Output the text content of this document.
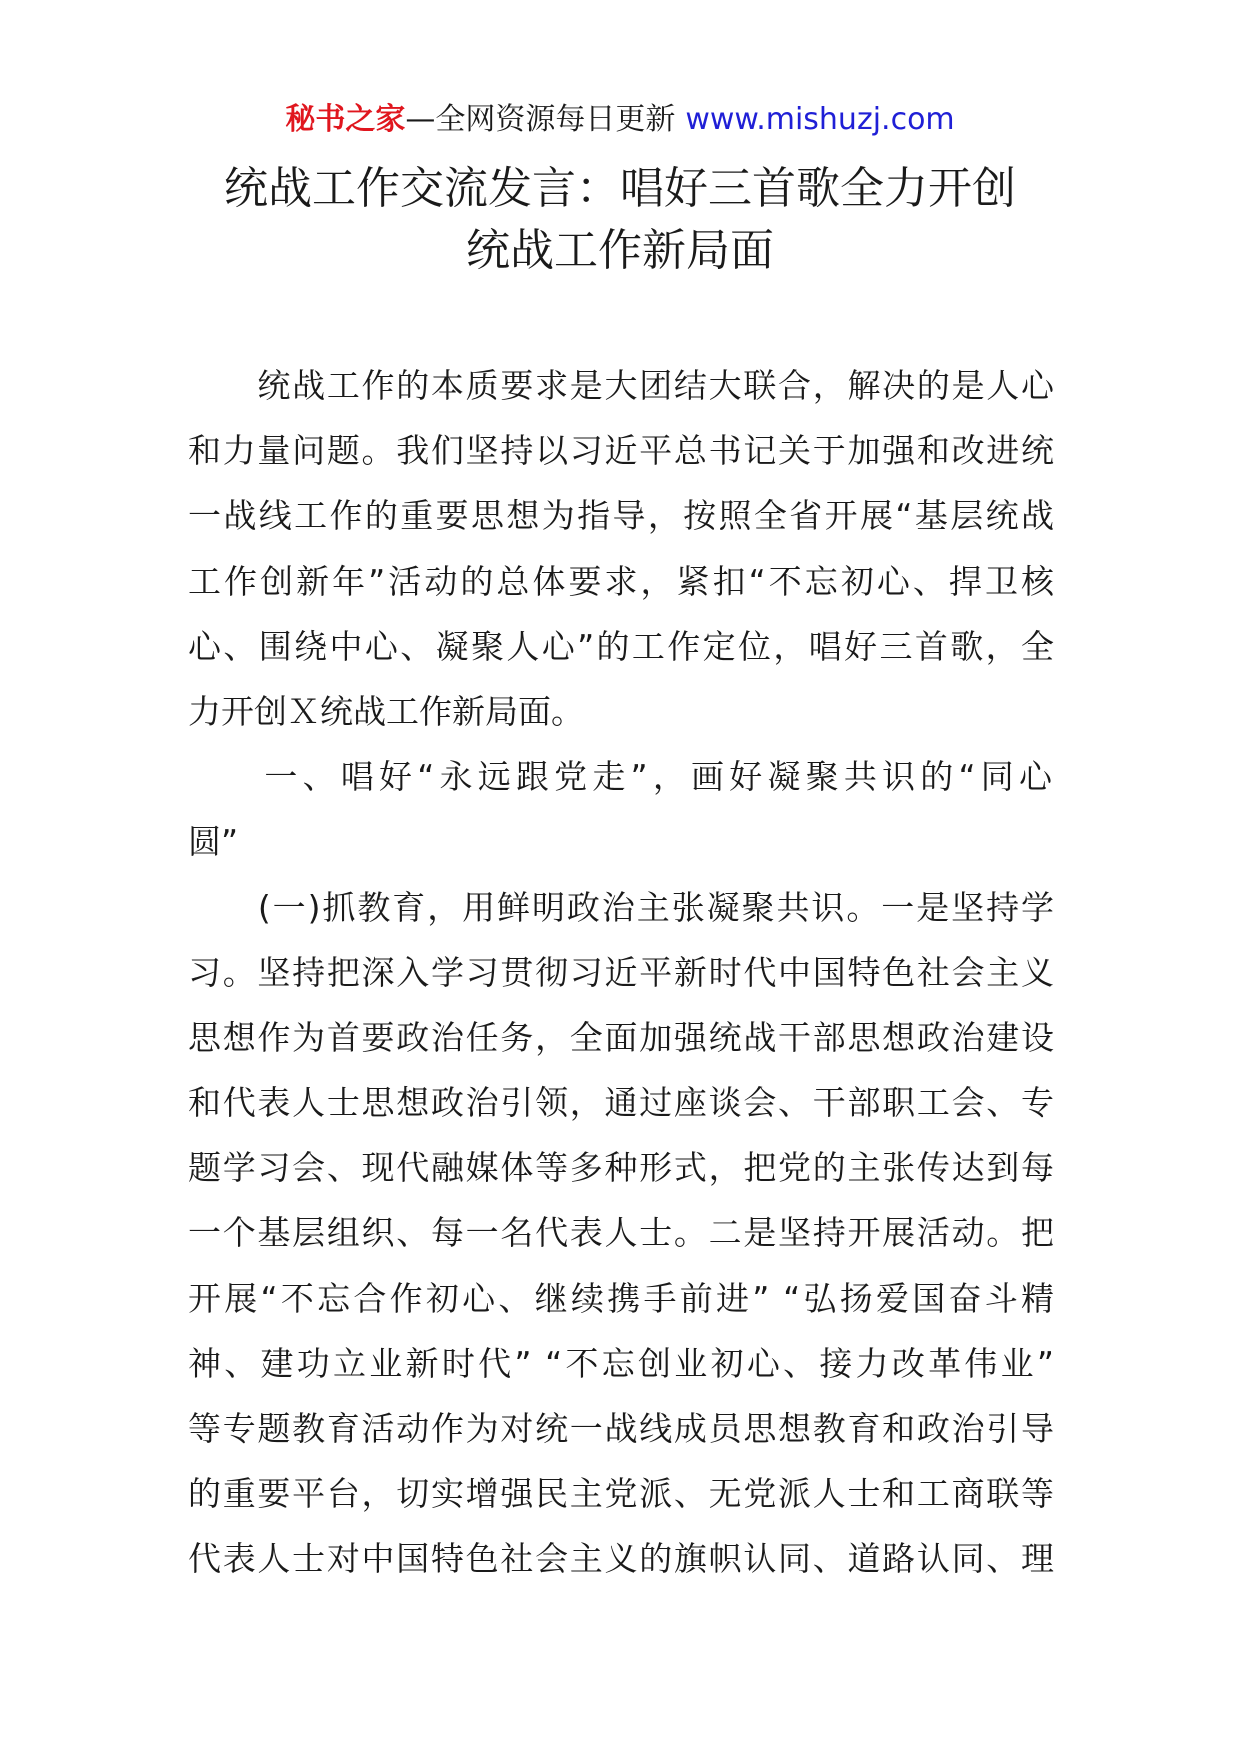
秘书之家—全网资源每日更新 www.mishuzj.com
统战工作交流发言：唱好三首歌全力开创
统战工作新局面
　　统战工作的本质要求是大团结大联合，解决的是人心
和力量问题。我们坚持以习近平总书记关于加强和改进统
一战线工作的重要思想为指导，按照全省开展“基层统战
工作创新年”活动的总体要求，紧扣“不忘初心、捍卫核
心、围绕中心、凝聚人心”的工作定位，唱好三首歌，全
力开创Ｘ统战工作新局面。
　　一、唱好“永远跟党走”，画好凝聚共识的“同心
圆”
　　(一)抓教育，用鲜明政治主张凝聚共识。一是坚持学
习。坚持把深入学习贯彻习近平新时代中国特色社会主义
思想作为首要政治任务，全面加强统战干部思想政治建设
和代表人士思想政治引领，通过座谈会、干部职工会、专
题学习会、现代融媒体等多种形式，把党的主张传达到每
一个基层组织、每一名代表人士。二是坚持开展活动。把
开展“不忘合作初心、继续携手前进” “弘扬爱国奋斗精
神、建功立业新时代” “不忘创业初心、接力改革伟业”
等专题教育活动作为对统一战线成员思想教育和政治引导
的重要平台，切实增强民主党派、无党派人士和工商联等
代表人士对中国特色社会主义的旗帜认同、道路认同、理
